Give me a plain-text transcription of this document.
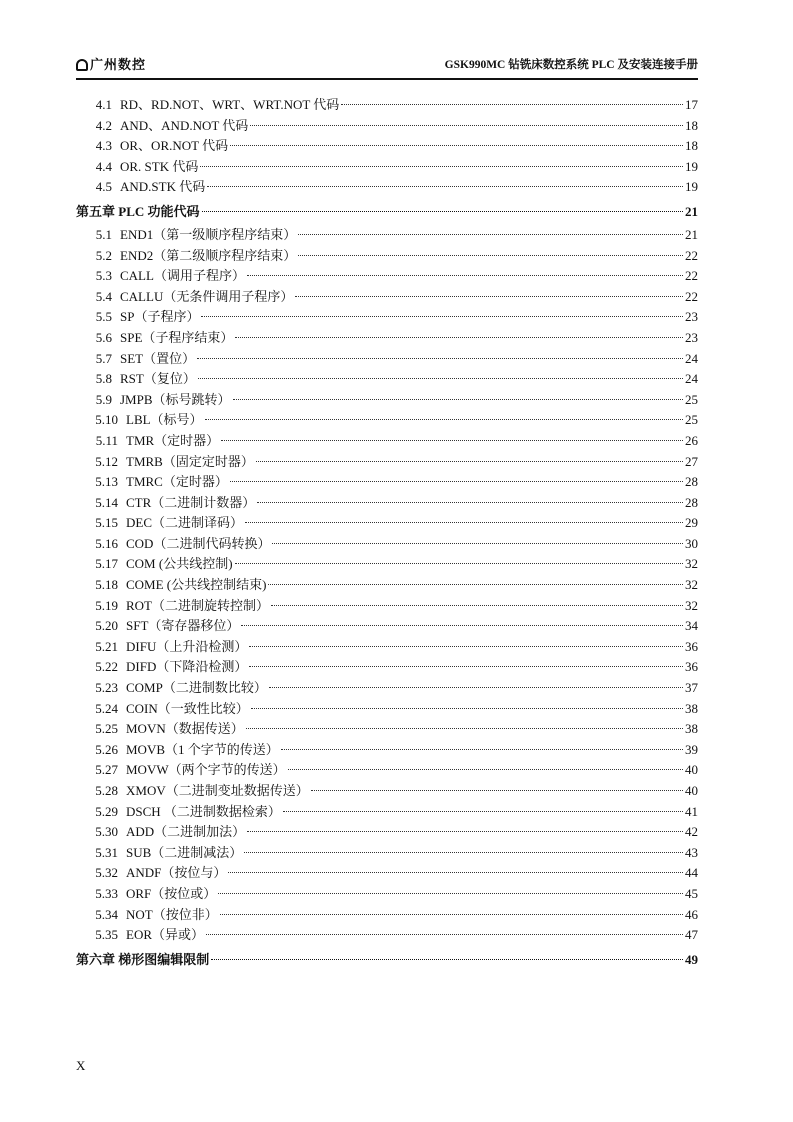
广州数控	GSK990MC 钻铣床数控系统 PLC 及安装连接手册
4.1 RD、RD.NOT、WRT、WRT.NOT 代码	17
4.2 AND、AND.NOT 代码	18
4.3 OR、OR.NOT 代码	18
4.4 OR. STK 代码	19
4.5 AND.STK 代码	19
第五章 PLC 功能代码	21
5.1 END1（第一级顺序程序结束）	21
5.2 END2（第二级顺序程序结束）	22
5.3 CALL（调用子程序）	22
5.4 CALLU（无条件调用子程序）	22
5.5 SP（子程序）	23
5.6 SPE（子程序结束）	23
5.7 SET（置位）	24
5.8 RST（复位）	24
5.9 JMPB（标号跳转）	25
5.10 LBL（标号）	25
5.11 TMR（定时器）	26
5.12 TMRB（固定定时器）	27
5.13 TMRC（定时器）	28
5.14 CTR（二进制计数器）	28
5.15 DEC（二进制译码）	29
5.16 COD（二进制代码转换）	30
5.17 COM (公共线控制)	32
5.18 COME (公共线控制结束)	32
5.19 ROT（二进制旋转控制）	32
5.20 SFT（寄存器移位）	34
5.21 DIFU（上升沿检测）	36
5.22 DIFD（下降沿检测）	36
5.23 COMP（二进制数比较）	37
5.24 COIN（一致性比较）	38
5.25 MOVN（数据传送）	38
5.26 MOVB（1 个字节的传送）	39
5.27 MOVW（两个字节的传送）	40
5.28 XMOV（二进制变址数据传送）	40
5.29 DSCH （二进制数据检索）	41
5.30 ADD（二进制加法）	42
5.31 SUB（二进制减法）	43
5.32 ANDF（按位与）	44
5.33 ORF（按位或）	45
5.34 NOT（按位非）	46
5.35 EOR（异或）	47
第六章 梯形图编辑限制	49
X
